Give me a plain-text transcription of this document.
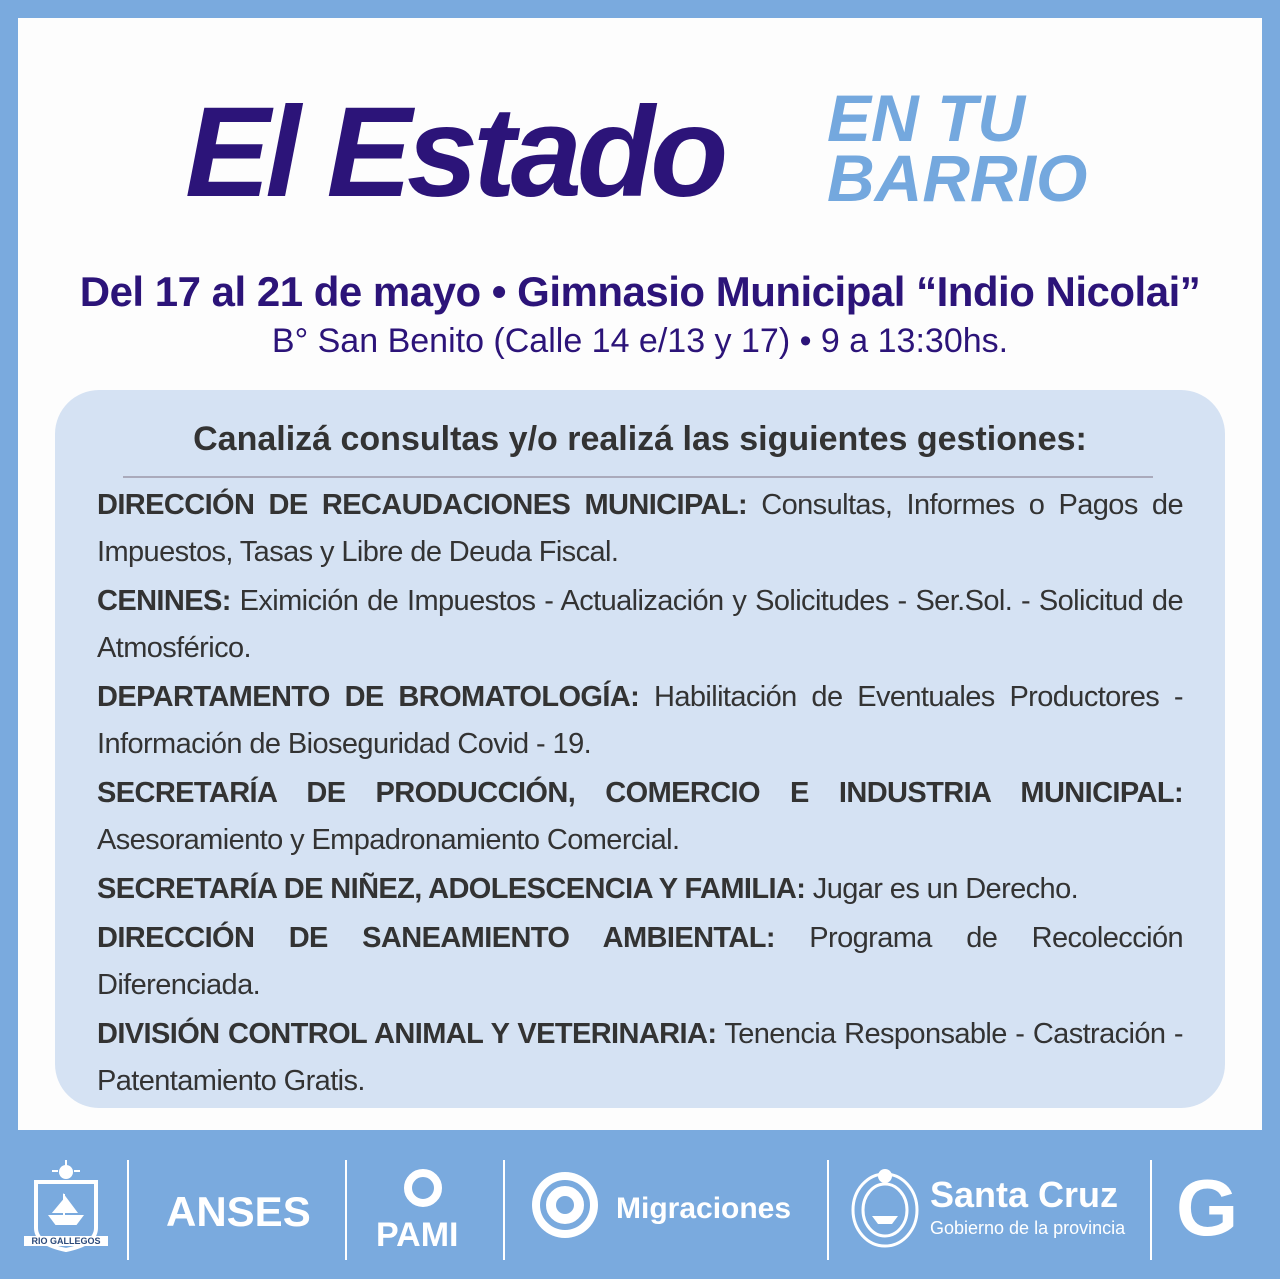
El Estado EN TU
BARRIO
Del 17 al 21 de mayo • Gimnasio Municipal “Indio Nicolai”
B° San Benito (Calle 14 e/13 y 17) • 9 a 13:30hs.
Canalizá consultas y/o realizá las siguientes gestiones:
DIRECCIÓN DE RECAUDACIONES MUNICIPAL: Consultas, Informes o Pagos de Impuestos, Tasas y Libre de Deuda Fiscal.
CENINES: Eximición de Impuestos - Actualización y Solicitudes - Ser.Sol. - Solicitud de Atmosférico.
DEPARTAMENTO DE BROMATOLOGÍA: Habilitación de Eventuales Productores - Información de Bioseguridad Covid - 19.
SECRETARÍA DE PRODUCCIÓN, COMERCIO E INDUSTRIA MUNICIPAL: Asesoramiento y Empadronamiento Comercial.
SECRETARÍA DE NIÑEZ, ADOLESCENCIA Y FAMILIA: Jugar es un Derecho.
DIRECCIÓN DE SANEAMIENTO AMBIENTAL: Programa de Recolección Diferenciada.
DIVISIÓN CONTROL ANIMAL Y VETERINARIA: Tenencia Responsable - Castración - Patentamiento Gratis.
RIO GALLEGOS
ANSES PAMI
Migraciones	Santa Cruz
Gobierno de la provincia G
